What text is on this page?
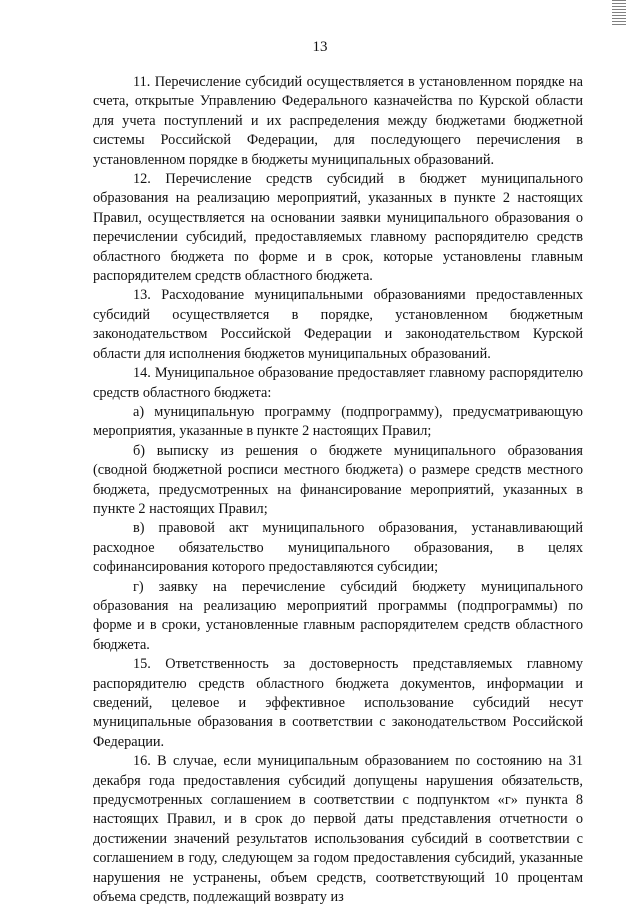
13

11. Перечисление субсидий осуществляется в установленном порядке на счета, открытые Управлению Федерального казначейства по Курской области для учета поступлений и их распределения между бюджетами бюджетной системы Российской Федерации, для последующего перечисления в установленном порядке в бюджеты муниципальных образований.

12. Перечисление средств субсидий в бюджет муниципального образования на реализацию мероприятий, указанных в пункте 2 настоящих Правил, осуществляется на основании заявки муниципального образования о перечислении субсидий, предоставляемых главному распорядителю средств областного бюджета по форме и в срок, которые установлены главным распорядителем средств областного бюджета.

13. Расходование муниципальными образованиями предоставленных субсидий осуществляется в порядке, установленном бюджетным законодательством Российской Федерации и законодательством Курской области для исполнения бюджетов муниципальных образований.

14. Муниципальное образование предоставляет главному распорядителю средств областного бюджета:

а) муниципальную программу (подпрограмму), предусматривающую мероприятия, указанные в пункте 2 настоящих Правил;

б) выписку из решения о бюджете муниципального образования (сводной бюджетной росписи местного бюджета) о размере средств местного бюджета, предусмотренных на финансирование мероприятий, указанных в пункте 2 настоящих Правил;

в) правовой акт муниципального образования, устанавливающий расходное обязательство муниципального образования, в целях софинансирования которого предоставляются субсидии;

г) заявку на перечисление субсидий бюджету муниципального образования на реализацию мероприятий программы (подпрограммы) по форме и в сроки, установленные главным распорядителем средств областного бюджета.

15. Ответственность за достоверность представляемых главному распорядителю средств областного бюджета документов, информации и сведений, целевое и эффективное использование субсидий несут муниципальные образования в соответствии с законодательством Российской Федерации.

16. В случае, если муниципальным образованием по состоянию на 31 декабря года предоставления субсидий допущены нарушения обязательств, предусмотренных соглашением в соответствии с подпунктом «г» пункта 8 настоящих Правил, и в срок до первой даты представления отчетности о достижении значений результатов использования субсидий в соответствии с соглашением в году, следующем за годом предоставления субсидий, указанные нарушения не устранены, объем средств, соответствующий 10 процентам объема средств, подлежащий возврату из
